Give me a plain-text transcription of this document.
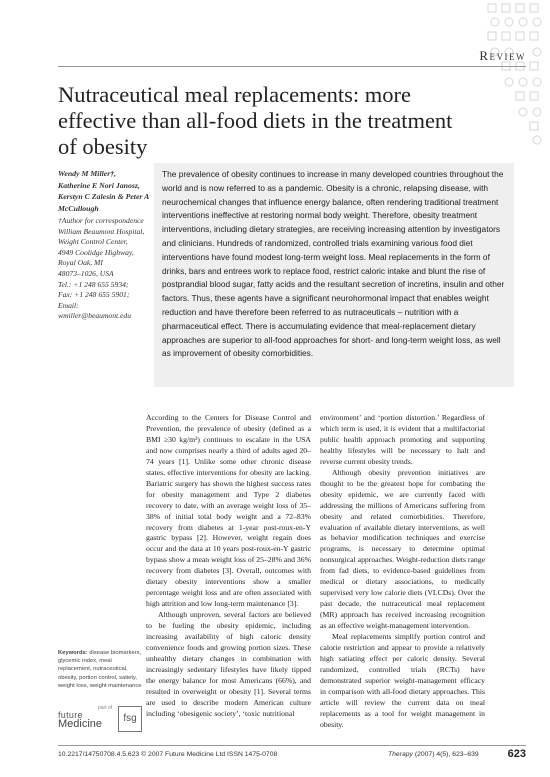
Review
Nutraceutical meal replacements: more effective than all-food diets in the treatment of obesity
Wendy M Miller†, Katherine E Nori Janosz, Kerstyn C Zalesin & Peter A McCullough

†Author for correspondence

William Beaumont Hospital,

Weight Control Center,

4949 Coolidge Highway,

Royal Oak, MI

48073–1026, USA

Tel.: +1 248 655 5934;

Fax: +1 248 655 5901;

Email:

wmiller@beaumont.edu

The prevalence of obesity continues to increase in many developed countries throughout the world and is now referred to as a pandemic. Obesity is a chronic, relapsing disease, with neurochemical changes that influence energy balance, often rendering traditional treatment interventions ineffective at restoring normal body weight. Therefore, obesity treatment interventions, including dietary strategies, are receiving increasing attention by investigators and clinicians. Hundreds of randomized, controlled trials examining various food diet interventions have found modest long-term weight loss. Meal replacements in the form of drinks, bars and entrees work to replace food, restrict caloric intake and blunt the rise of postprandial blood sugar, fatty acids and the resultant secretion of incretins, insulin and other factors. Thus, these agents have a significant neurohormonal impact that enables weight reduction and have therefore been referred to as nutraceuticals – nutrition with a pharmaceutical effect. There is accumulating evidence that meal-replacement dietary approaches are superior to all-food approaches for short- and long-term weight loss, as well as improvement of obesity comorbidities.

According to the Centers for Disease Control and Prevention, the prevalence of obesity (defined as a BMI ≥30 kg/m²) continues to escalate in the USA and now comprises nearly a third of adults aged 20–74 years [1]. Unlike some other chronic disease states, effective interventions for obesity are lacking. Bariatric surgery has shown the highest success rates for obesity management and Type 2 diabetes recovery to date, with an average weight loss of 35–38% of initial total body weight and a 72–83% recovery from diabetes at 1-year post-roux-en-Y gastric bypass [2]. However, weight regain does occur and the data at 10 years post-roux-en-Y gastric bypass show a mean weight loss of 25–28% and 36% recovery from diabetes [3]. Overall, outcomes with dietary obesity interventions show a smaller percentage weight loss and are often associated with high attrition and low long-term maintenance [3].

Although unproven, several factors are believed to be fueling the obesity epidemic, including increasing availability of high caloric density convenience foods and growing portion sizes. These unhealthy dietary changes in combination with increasingly sedentary lifestyles have likely tipped the energy balance for most Americans (66%), and resulted in overweight or obesity [1]. Several terms are used to describe modern American culture including ‘obesigenic society’, ‘toxic nutritional

environment’ and ‘portion distortion.’ Regardless of which term is used, it is evident that a multifactorial public health approach promoting and supporting healthy lifestyles will be necessary to halt and reverse current obesity trends.

Although obesity prevention initiatives are thought to be the greatest hope for combating the obesity epidemic, we are currently faced with addressing the millions of Americans suffering from obesity and related comorbidities. Therefore, evaluation of available dietary interventions, as well as behavior modification techniques and exercise programs, is necessary to determine optimal nonsurgical approaches. Weight-reduction diets range from fad diets, to evidence-based guidelines from medical or dietary associations, to medically supervised very low calorie diets (VLCDs). Over the past decade, the nutraceutical meal replacement (MR) approach has received increasing recognition as an effective weight-management intervention.

Meal replacements simplify portion control and calorie restriction and appear to provide a relatively high satiating effect per caloric density. Several randomized, controlled trials (RCTs) have demonstrated superior weight-management efficacy in comparison with all-food dietary approaches. This article will review the current data on meal replacements as a tool for weight management in obesity.

Keywords: disease biomarkers, glycemic index, meal replacement, nutraceutical, obesity, portion control, satiety, weight loss, weight maintenance
part of
future
Medicine	fsg
10.2217/14750708.4.5.623 © 2007 Future Medicine Ltd ISSN 1475-0708	Therapy (2007) 4(5), 623–639	623
